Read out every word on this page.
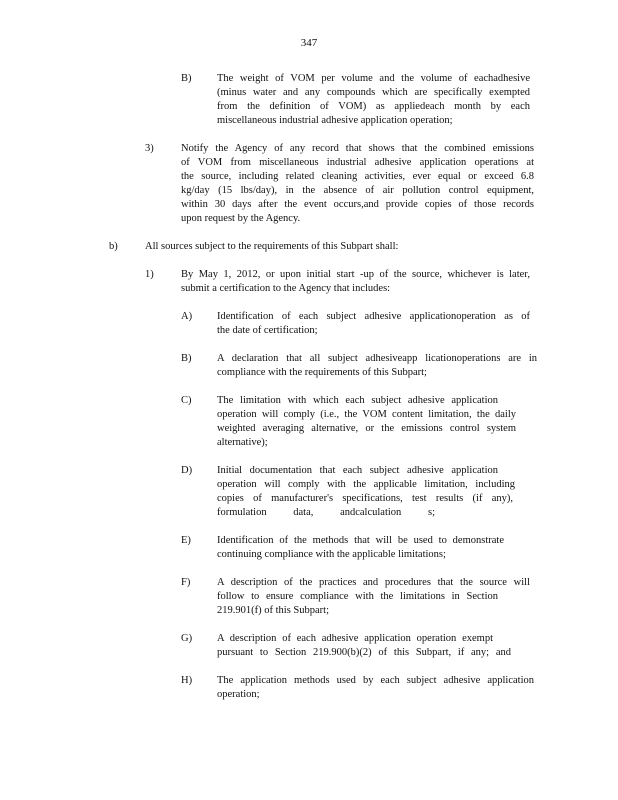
347
B) The weight of VOM per volume and the volume of eachadhesive
(minus water and any compounds which are specifically exempted
from the definition of VOM) as appliedeach month by each
miscellaneous industrial adhesive application operation;
3)	Notify the Agency of any record that shows that the combined emissions
of VOM from miscellaneous industrial adhesive application operations at
the source, including related cleaning activities, ever equal or exceed 6.8
kg/day (15 lbs/day), in the absence of air pollution control equipment,
within 30 days after the event occurs,and provide copies of those records
upon request by the Agency.
b)	All sources subject to the requirements of this Subpart shall:
1)	By May 1, 2012, or upon initial start -up of the source, whichever is later,
submit a certification to the Agency that includes:
A) Identification of each subject adhesive applicationoperation as of
the date of certification;
B) A declaration that all subject adhesiveapp licationoperations are in
compliance with the requirements of this Subpart;
C) The limitation with which each subject adhesive application
operation will comply (i.e., the VOM content limitation, the daily
weighted averaging alternative, or the emissions control system
alternative);
D) Initial documentation that each subject adhesive application
operation will comply with the applicable limitation, including
copies of manufacturer's specifications, test results (if any),
formulation data, andcalculation s;
E) Identification of the methods that will be used to demonstrate
continuing compliance with the applicable limitations;
F)	A description of the practices and procedures that the source will
follow to ensure compliance with the limitations in Section
219.901(f) of this Subpart;
G) A description of each adhesive application operation exempt
pursuant to Section 219.900(b)(2) of this Subpart, if any; and
H) The application methods used by each subject adhesive application
operation;
